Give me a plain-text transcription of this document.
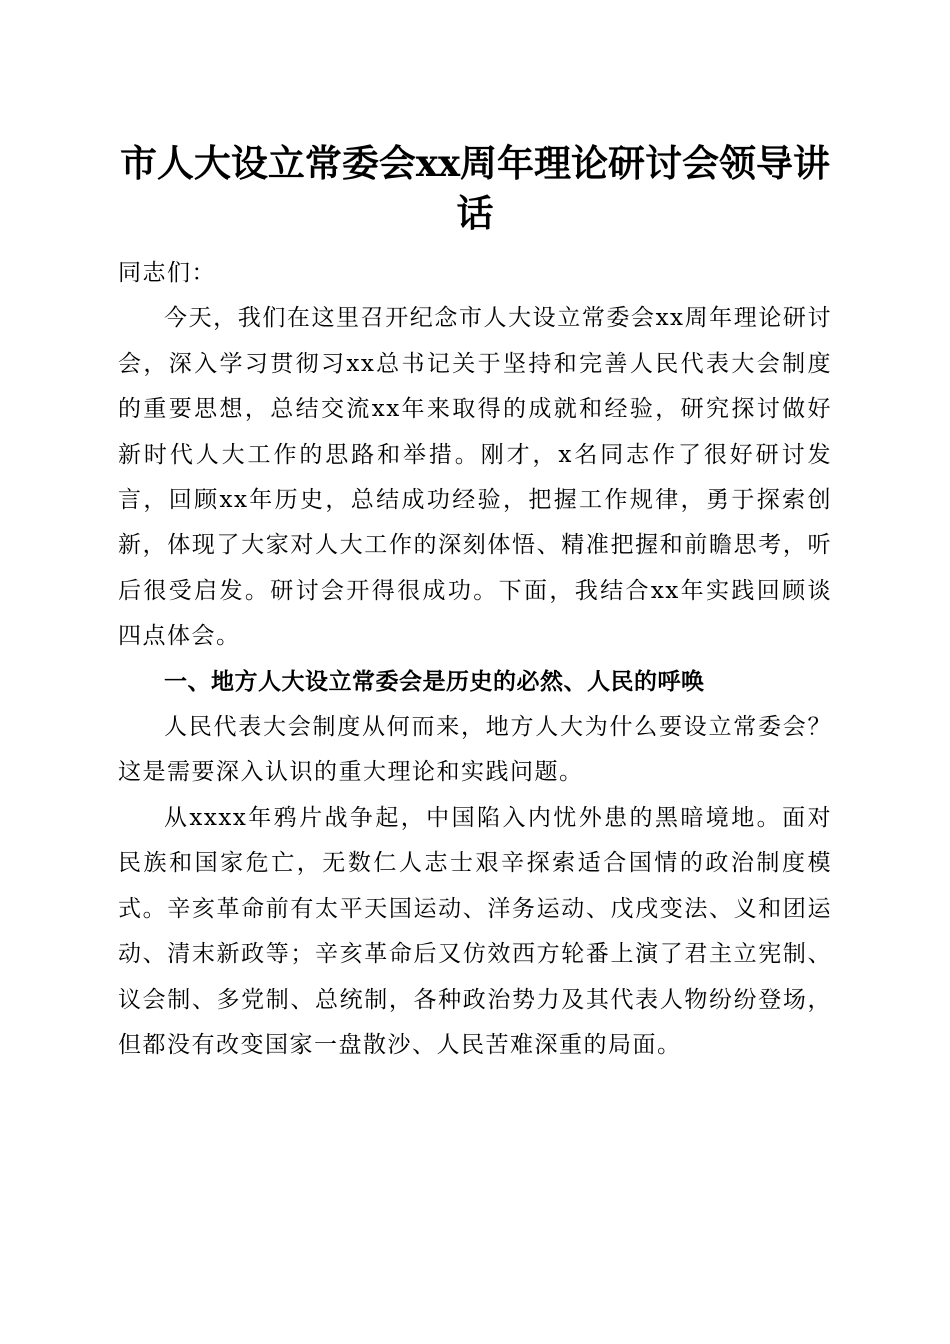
市人大设立常委会xx周年理论研讨会领导讲话

同志们：

今天，我们在这里召开纪念市人大设立常委会xx周年理论研讨会，深入学习贯彻习xx总书记关于坚持和完善人民代表大会制度的重要思想，总结交流xx年来取得的成就和经验，研究探讨做好新时代人大工作的思路和举措。刚才，x名同志作了很好研讨发言，回顾xx年历史，总结成功经验，把握工作规律，勇于探索创新，体现了大家对人大工作的深刻体悟、精准把握和前瞻思考，听后很受启发。研讨会开得很成功。下面，我结合xx年实践回顾谈四点体会。

一、地方人大设立常委会是历史的必然、人民的呼唤

人民代表大会制度从何而来，地方人大为什么要设立常委会？这是需要深入认识的重大理论和实践问题。

从xxxx年鸦片战争起，中国陷入内忧外患的黑暗境地。面对民族和国家危亡，无数仁人志士艰辛探索适合国情的政治制度模式。辛亥革命前有太平天国运动、洋务运动、戊戌变法、义和团运动、清末新政等；辛亥革命后又仿效西方轮番上演了君主立宪制、议会制、多党制、总统制，各种政治势力及其代表人物纷纷登场，但都没有改变国家一盘散沙、人民苦难深重的局面。
